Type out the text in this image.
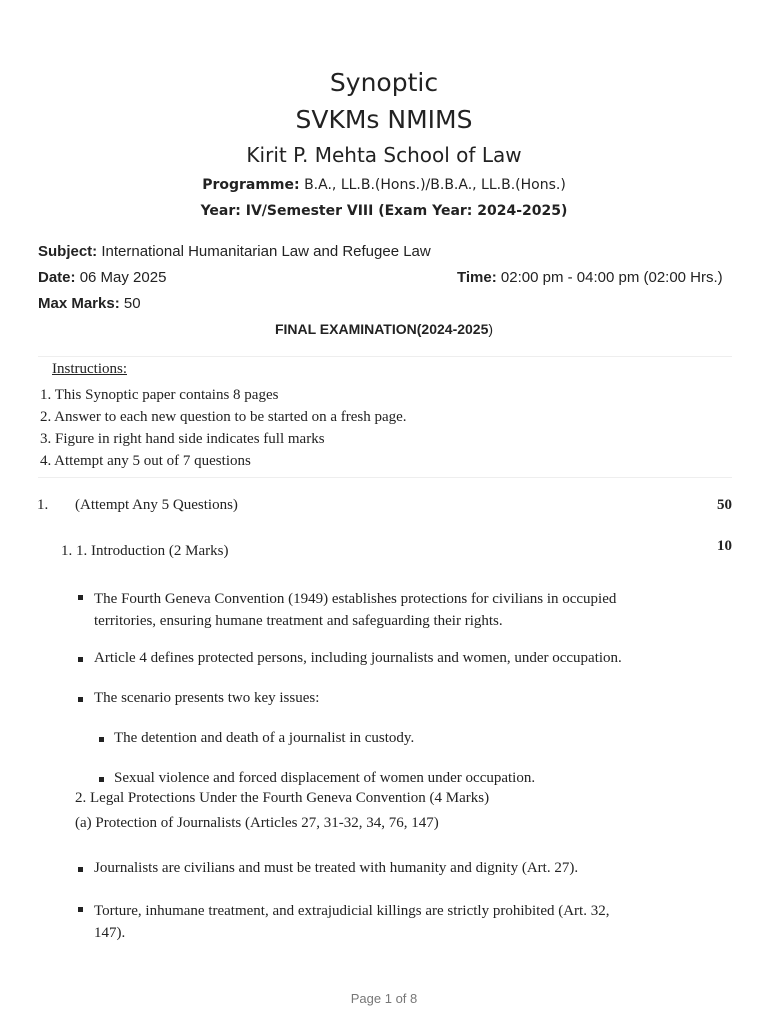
Synoptic
SVKMs NMIMS
Kirit P. Mehta School of Law
Programme: B.A., LL.B.(Hons.)/B.B.A., LL.B.(Hons.)
Year: IV/Semester VIII (Exam Year: 2024-2025)
Subject: International Humanitarian Law and Refugee Law
Date: 06 May 2025	Time: 02:00 pm - 04:00 pm (02:00 Hrs.)
Max Marks: 50
FINAL EXAMINATION(2024-2025)
Instructions:
1. This Synoptic paper contains 8 pages
2. Answer to each new question to be started on a fresh page.
3. Figure in right hand side indicates full marks
4. Attempt any 5 out of 7 questions
1. (Attempt Any 5 Questions)	50
1. 1. Introduction (2 Marks)	10
The Fourth Geneva Convention (1949) establishes protections for civilians in occupied
territories, ensuring humane treatment and safeguarding their rights.
Article 4 defines protected persons, including journalists and women, under occupation.
The scenario presents two key issues:
The detention and death of a journalist in custody.
Sexual violence and forced displacement of women under occupation.
2. Legal Protections Under the Fourth Geneva Convention (4 Marks)
(a) Protection of Journalists (Articles 27, 31-32, 34, 76, 147)
Journalists are civilians and must be treated with humanity and dignity (Art. 27).
Torture, inhumane treatment, and extrajudicial killings are strictly prohibited (Art. 32,
147).
Page 1 of 8
